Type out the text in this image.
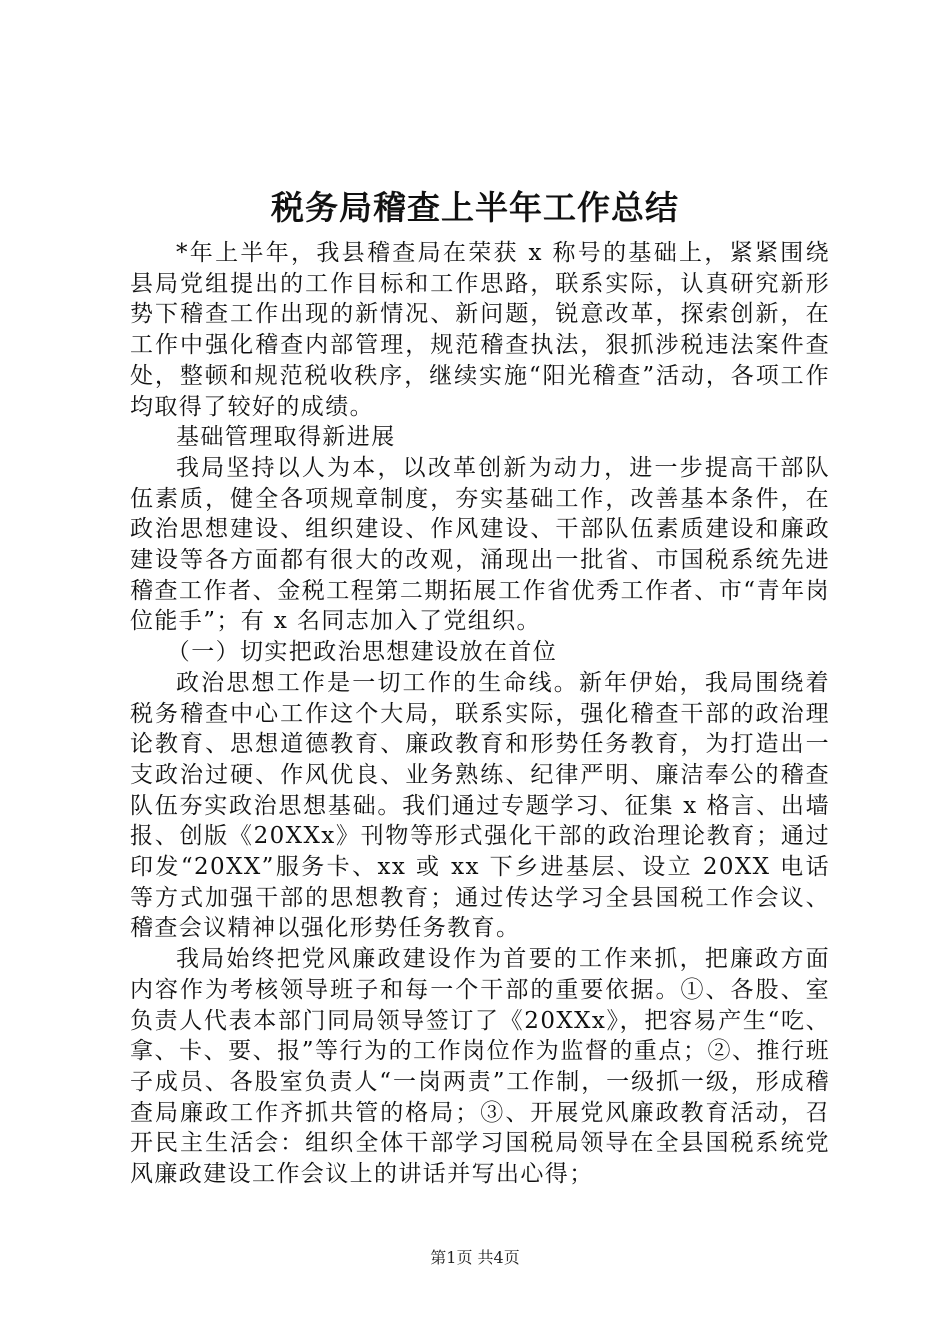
税务局稽查上半年工作总结

*年上半年，我县稽查局在荣获 x 称号的基础上，紧紧围绕县局党组提出的工作目标和工作思路，联系实际，认真研究新形势下稽查工作出现的新情况、新问题，锐意改革，探索创新，在工作中强化稽查内部管理，规范稽查执法，狠抓涉税违法案件查处，整顿和规范税收秩序，继续实施“阳光稽查”活动，各项工作均取得了较好的成绩。

基础管理取得新进展

我局坚持以人为本，以改革创新为动力，进一步提高干部队伍素质，健全各项规章制度，夯实基础工作，改善基本条件，在政治思想建设、组织建设、作风建设、干部队伍素质建设和廉政建设等各方面都有很大的改观，涌现出一批省、市国税系统先进稽查工作者、金税工程第二期拓展工作省优秀工作者、市“青年岗位能手”；有 x 名同志加入了党组织。

（一）切实把政治思想建设放在首位

政治思想工作是一切工作的生命线。新年伊始，我局围绕着税务稽查中心工作这个大局，联系实际，强化稽查干部的政治理论教育、思想道德教育、廉政教育和形势任务教育，为打造出一支政治过硬、作风优良、业务熟练、纪律严明、廉洁奉公的稽查队伍夯实政治思想基础。我们通过专题学习、征集 x 格言、出墙报、创版《20XXx》刊物等形式强化干部的政治理论教育；通过印发“20XX”服务卡、xx 或 xx 下乡进基层、设立 20XX 电话等方式加强干部的思想教育；通过传达学习全县国税工作会议、稽查会议精神以强化形势任务教育。

我局始终把党风廉政建设作为首要的工作来抓，把廉政方面内容作为考核领导班子和每一个干部的重要依据。①、各股、室负责人代表本部门同局领导签订了《20XXx》，把容易产生“吃、拿、卡、要、报”等行为的工作岗位作为监督的重点；②、推行班子成员、各股室负责人“一岗两责”工作制，一级抓一级，形成稽查局廉政工作齐抓共管的格局；③、开展党风廉政教育活动，召开民主生活会：组织全体干部学习国税局领导在全县国税系统党风廉政建设工作会议上的讲话并写出心得；

第1页 共4页
